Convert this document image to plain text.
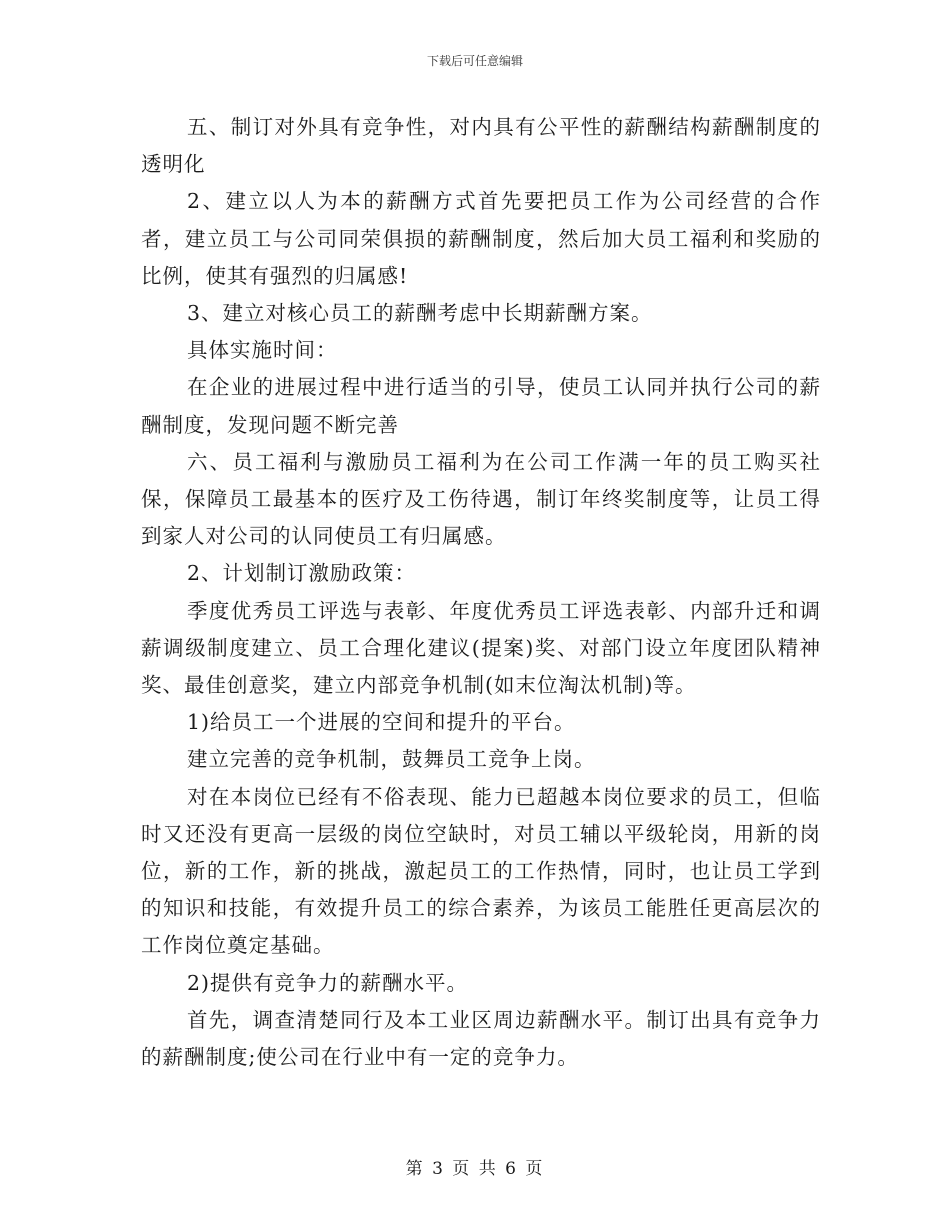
下载后可任意编辑

五、制订对外具有竞争性，对内具有公平性的薪酬结构薪酬制度的透明化

2、建立以人为本的薪酬方式首先要把员工作为公司经营的合作者，建立员工与公司同荣俱损的薪酬制度，然后加大员工福利和奖励的比例，使其有强烈的归属感!

3、建立对核心员工的薪酬考虑中长期薪酬方案。

具体实施时间：

在企业的进展过程中进行适当的引导，使员工认同并执行公司的薪酬制度，发现问题不断完善

六、员工福利与激励员工福利为在公司工作满一年的员工购买社保，保障员工最基本的医疗及工伤待遇，制订年终奖制度等，让员工得到家人对公司的认同使员工有归属感。

2、计划制订激励政策：

季度优秀员工评选与表彰、年度优秀员工评选表彰、内部升迁和调薪调级制度建立、员工合理化建议(提案)奖、对部门设立年度团队精神奖、最佳创意奖，建立内部竞争机制(如末位淘汰机制)等。

1)给员工一个进展的空间和提升的平台。

建立完善的竞争机制，鼓舞员工竞争上岗。

对在本岗位已经有不俗表现、能力已超越本岗位要求的员工，但临时又还没有更高一层级的岗位空缺时，对员工辅以平级轮岗，用新的岗位，新的工作，新的挑战，激起员工的工作热情，同时，也让员工学到的知识和技能，有效提升员工的综合素养，为该员工能胜任更高层次的工作岗位奠定基础。

2)提供有竞争力的薪酬水平。

首先，调查清楚同行及本工业区周边薪酬水平。制订出具有竞争力的薪酬制度;使公司在行业中有一定的竞争力。

第 3 页 共 6 页
